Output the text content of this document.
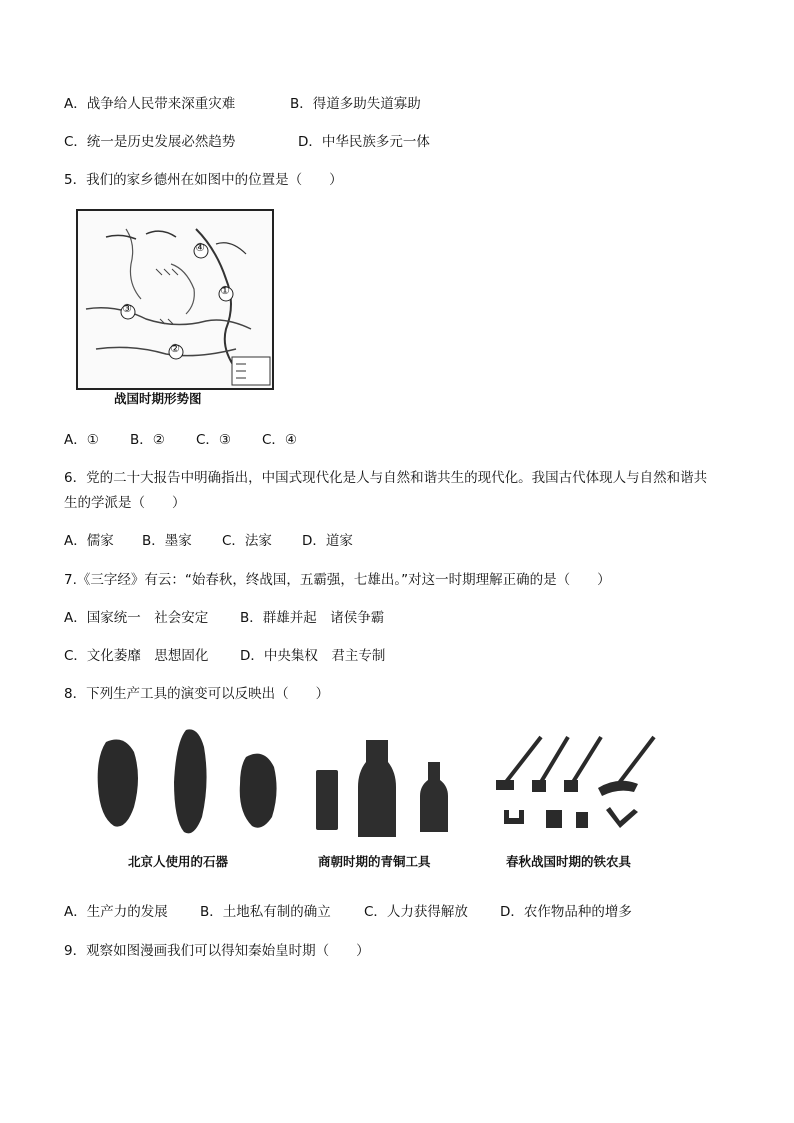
A．战争给人民带来深重灾难	B．得道多助失道寡助
C．统一是历史发展必然趋势	D．中华民族多元一体
5．我们的家乡德州在如图中的位置是（　　）
④
①
②
③
战国时期形势图
A．① B．② C．③ C．④
6．党的二十大报告中明确指出，中国式现代化是人与自然和谐共生的现代化。我国古代体现人与自然和谐共
生的学派是（　　）
A．儒家 B．墨家 C．法家 D．道家
7.《三字经》有云：“始春秋，终战国，五霸强，七雄出。”对这一时期理解正确的是（　　）
A．国家统一　社会安定 B．群雄并起　诸侯争霸
C．文化萎靡　思想固化 D．中央集权　君主专制
8．下列生产工具的演变可以反映出（　　）
北京人使用的石器	商朝时期的青铜工具	春秋战国时期的铁农具
A．生产力的发展 B．土地私有制的确立 C．人力获得解放 D．农作物品种的增多
9．观察如图漫画我们可以得知秦始皇时期（　　）
